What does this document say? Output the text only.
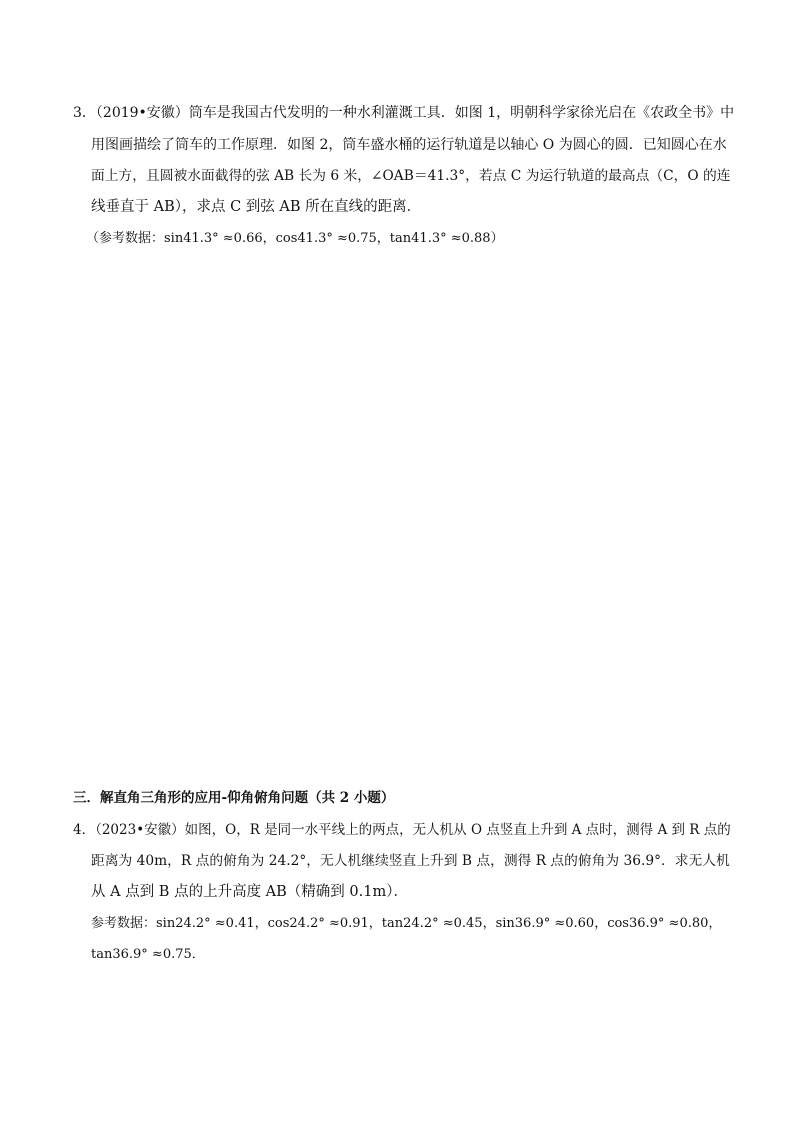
3．（2019•安徽）筒车是我国古代发明的一种水利灌溉工具．如图 1，明朝科学家徐光启在《农政全书》中
用图画描绘了筒车的工作原理．如图 2，筒车盛水桶的运行轨道是以轴心 O 为圆心的圆．已知圆心在水
面上方，且圆被水面截得的弦 AB 长为 6 米，∠OAB＝41.3°，若点 C 为运行轨道的最高点（C，O 的连
线垂直于 AB），求点 C 到弦 AB 所在直线的距离．
（参考数据：sin41.3° ≈0.66，cos41.3° ≈0.75，tan41.3° ≈0.88）
三．解直角三角形的应用-仰角俯角问题（共 2 小题）
4．（2023•安徽）如图，O，R 是同一水平线上的两点，无人机从 O 点竖直上升到 A 点时，测得 A 到 R 点的
距离为 40m，R 点的俯角为 24.2°，无人机继续竖直上升到 B 点，测得 R 点的俯角为 36.9°．求无人机
从 A 点到 B 点的上升高度 AB（精确到 0.1m）．
参考数据：sin24.2° ≈0.41，cos24.2° ≈0.91，tan24.2° ≈0.45，sin36.9° ≈0.60，cos36.9° ≈0.80，
tan36.9° ≈0.75．
